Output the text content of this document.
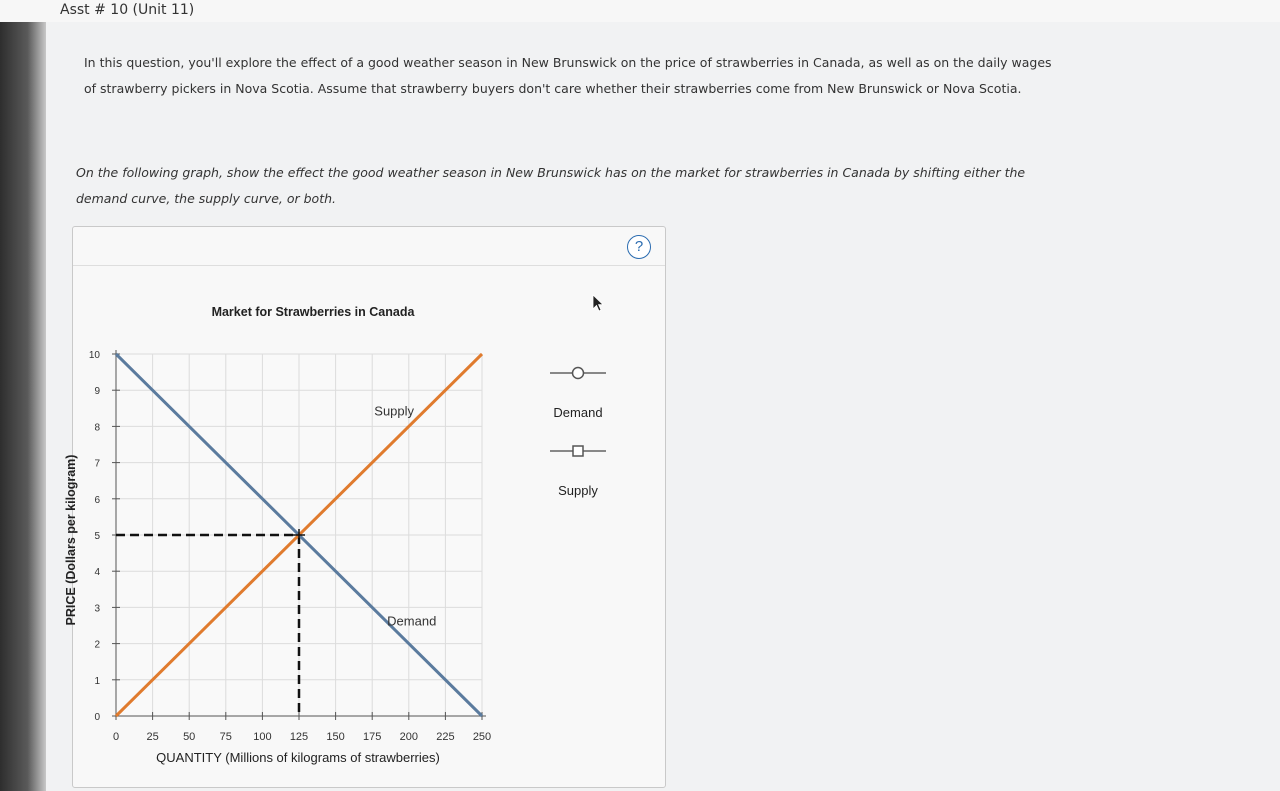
Asst # 10 (Unit 11)
In this question, you'll explore the effect of a good weather season in New Brunswick on the price of strawberries in Canada, as well as on the daily wages of strawberry pickers in Nova Scotia. Assume that strawberry buyers don't care whether their strawberries come from New Brunswick or Nova Scotia.
On the following graph, show the effect the good weather season in New Brunswick has on the market for strawberries in Canada by shifting either the demand curve, the supply curve, or both.
?
0 25 50 75 100 125 150 175 200 225 250
0
1
2
3
4
5
6
7
8
9
10
Supply
Demand
Market for Strawberries in Canada
QUANTITY (Millions of kilograms of strawberries)
PRICE (Dollars per kilogram)
Demand
Supply
